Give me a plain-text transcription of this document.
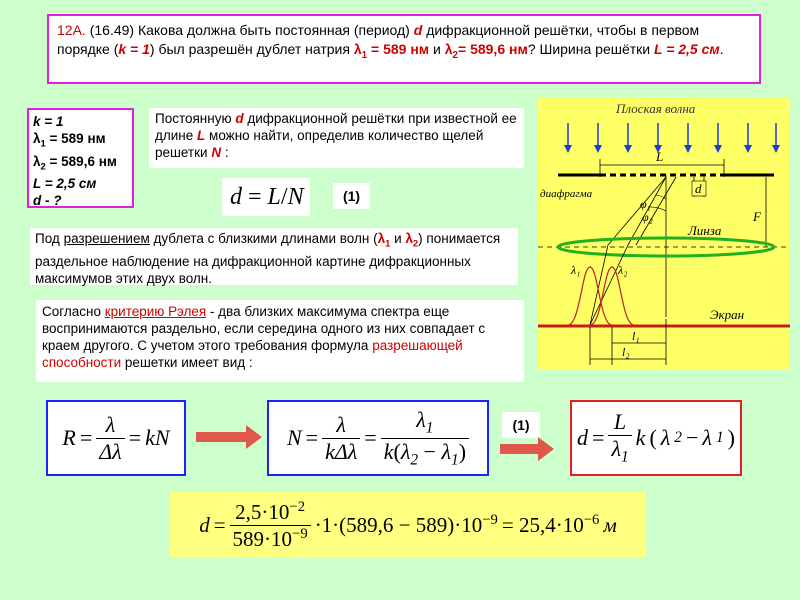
12А. (16.49) Какова должна быть постоянная (период) d дифракционной решётки, чтобы в первом порядке (k = 1) был разрешён дублет натрия $\lambda_1 = 589$ нм и $\lambda_2= 589,6$ нм? Ширина решётки L = 2,5 см.
k = 1
$\lambda_1 = 589$ нм
$\lambda_2 = 589,6$ нм
L = 2,5 см
d - ?
Постоянную d дифракционной решётки при известной ее длине L можно найти, определив количество щелей решетки N :
d = L/N	(1)
Под разрешением дублета с близкими длинами волн ($\lambda_1$ и $\lambda_2$) понимается раздельное наблюдение на дифракционной картине дифракционных максимумов этих двух волн.
Согласно критерию Рэлея - два близких максимума спектра еще воспринимаются раздельно, если середина одного из них совпадает с краем другого. С учетом этого требования формула разрешающей способности решетки имеет вид :
Плоская волна
L
d
диафрагма
φ₁
φ₂	F
Линза
λ₁	λ₂
Экран
l₁
l₂
$R = \frac{\lambda}{\Delta\lambda}$ = kN	$N = \frac{\lambda}{\text{kΔλ}} = \frac{\lambda_1}{k(\lambda_2 - \lambda_1)}$	(1)	$d = \frac{L}{\lambda_1}$ k ( λ 2 − λ 1 )
$d = \frac{2,5\cdot 10^{-2}}{589\cdot 10^{-9}} \cdot 1\cdot(589,6 - 589)\cdot 10^{-9} = 25,4\cdot 10^{-6}$ м
